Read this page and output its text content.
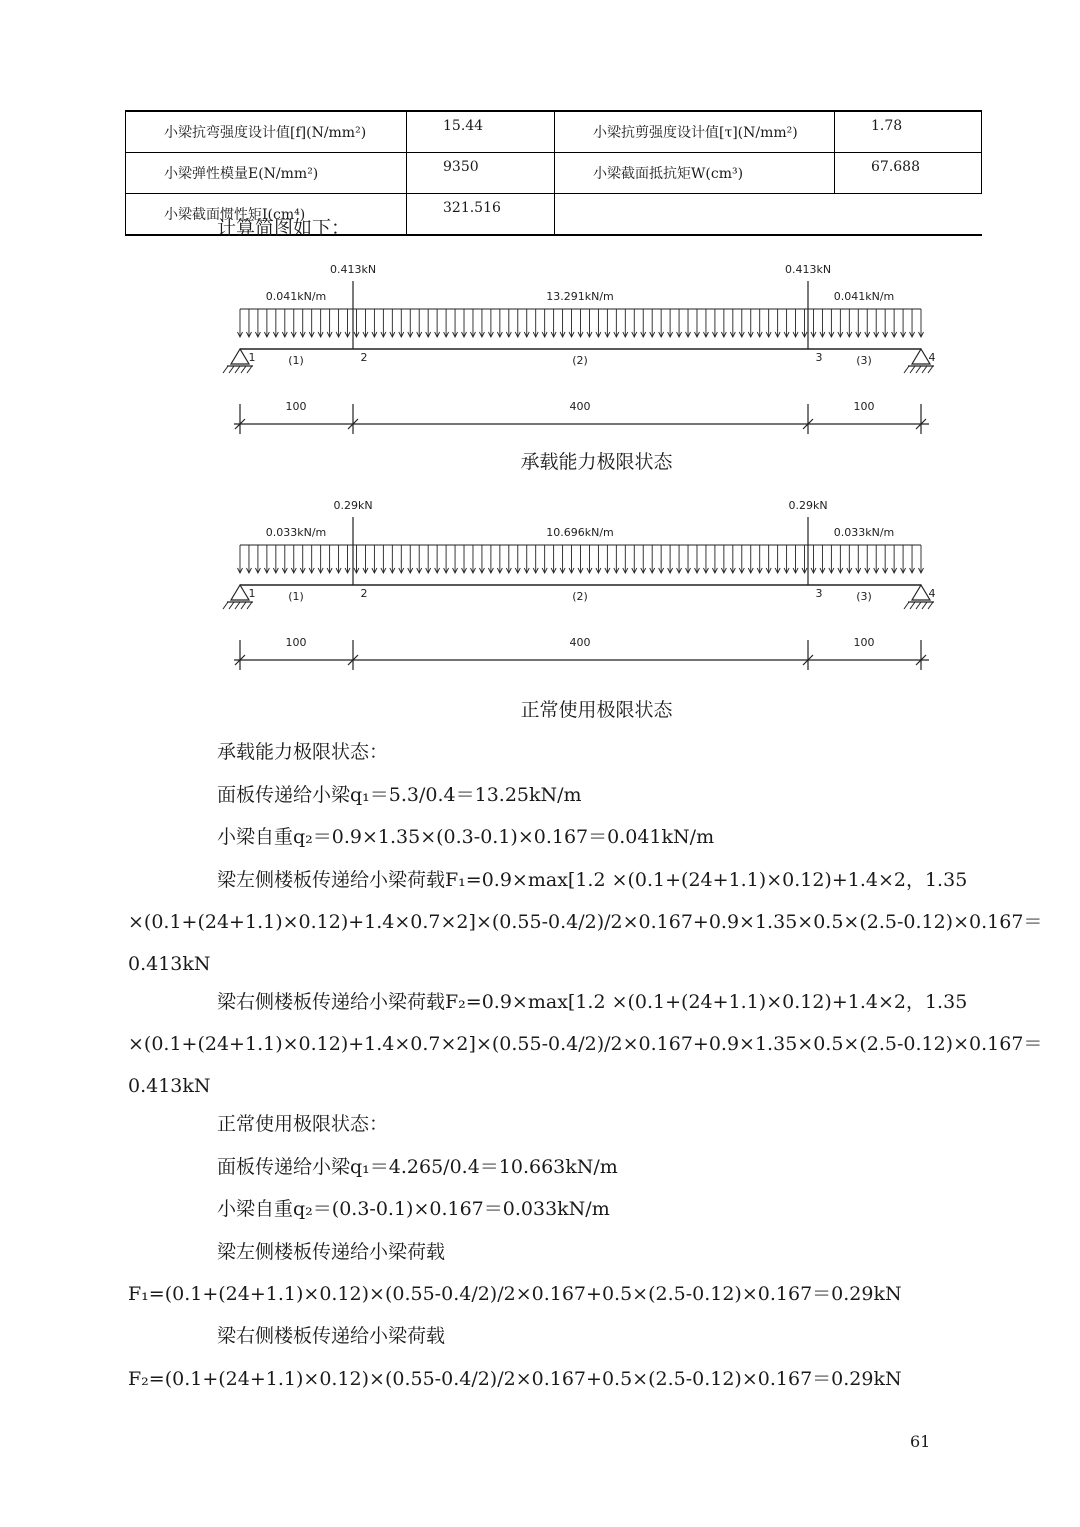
小梁抗弯强度设计值[f](N/mm²)	15.44	小梁抗剪强度设计值[τ](N/mm²)	1.78
小梁弹性模量E(N/mm²)	9350	小梁截面抵抗矩W(cm³)	67.688
小梁截面惯性矩I(cm⁴)	321.516		
计算简图如下：
0.413kN	0.413kN
0.041kN/m	13.291kN/m	0.041kN/m
1	2	3	4
(1)	(2)	(3)
100	400	100
承载能力极限状态
0.29kN	0.29kN
0.033kN/m	10.696kN/m	0.033kN/m
1	2	3	4
(1)	(2)	(3)
100	400	100
正常使用极限状态
承载能力极限状态：
面板传递给小梁q₁＝5.3/0.4＝13.25kN/m
小梁自重q₂＝0.9×1.35×(0.3-0.1)×0.167＝0.041kN/m
梁左侧楼板传递给小梁荷载F₁=0.9×max[1.2 ×(0.1+(24+1.1)×0.12)+1.4×2，1.35
×(0.1+(24+1.1)×0.12)+1.4×0.7×2]×(0.55-0.4/2)/2×0.167+0.9×1.35×0.5×(2.5-0.12)×0.167＝
0.413kN
梁右侧楼板传递给小梁荷载F₂=0.9×max[1.2 ×(0.1+(24+1.1)×0.12)+1.4×2，1.35
×(0.1+(24+1.1)×0.12)+1.4×0.7×2]×(0.55-0.4/2)/2×0.167+0.9×1.35×0.5×(2.5-0.12)×0.167＝
0.413kN
正常使用极限状态：
面板传递给小梁q₁＝4.265/0.4＝10.663kN/m
小梁自重q₂＝(0.3-0.1)×0.167＝0.033kN/m
梁左侧楼板传递给小梁荷载
F₁=(0.1+(24+1.1)×0.12)×(0.55-0.4/2)/2×0.167+0.5×(2.5-0.12)×0.167＝0.29kN
梁右侧楼板传递给小梁荷载
F₂=(0.1+(24+1.1)×0.12)×(0.55-0.4/2)/2×0.167+0.5×(2.5-0.12)×0.167＝0.29kN
61
